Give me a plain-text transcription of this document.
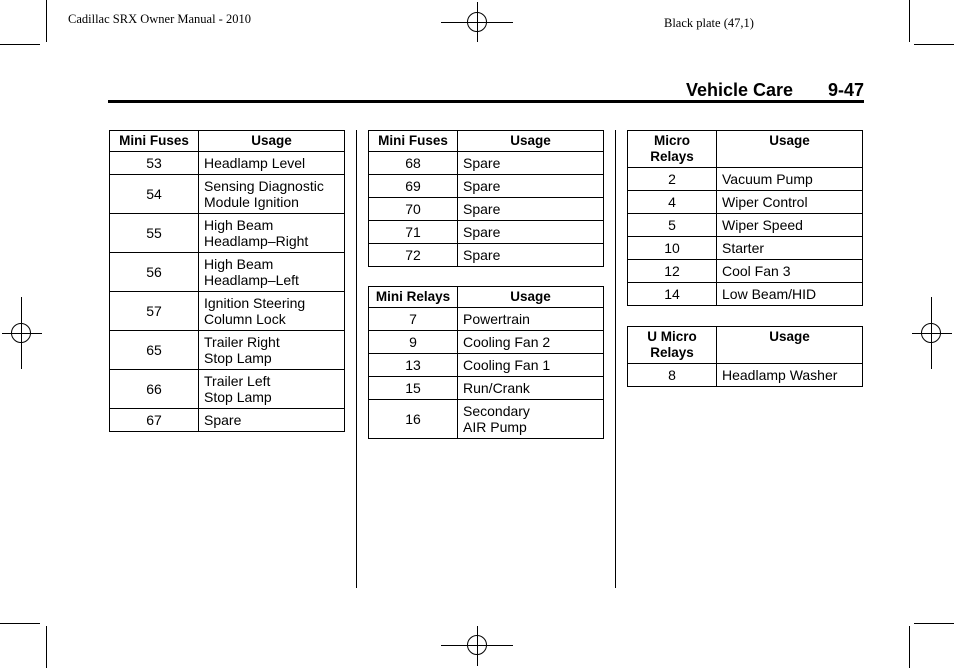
Cadillac SRX Owner Manual - 2010	Black plate (47,1)
Vehicle Care 9-47
Mini Fuses	Usage
53	Headlamp Level
54	Sensing Diagnostic
Module Ignition
55	High Beam
Headlamp–Right
56	High Beam
Headlamp–Left
57	Ignition Steering
Column Lock
65	Trailer Right
Stop Lamp
66	Trailer Left
Stop Lamp
67	Spare
Mini Fuses	Usage
68	Spare
69	Spare
70	Spare
71	Spare
72	Spare
Mini Relays	Usage
7	Powertrain
9	Cooling Fan 2
13	Cooling Fan 1
15	Run/Crank
16	Secondary
AIR Pump
Micro
Relays	Usage
2	Vacuum Pump
4	Wiper Control
5	Wiper Speed
10	Starter
12	Cool Fan 3
14	Low Beam/HID
U Micro
Relays	Usage
8	Headlamp Washer
